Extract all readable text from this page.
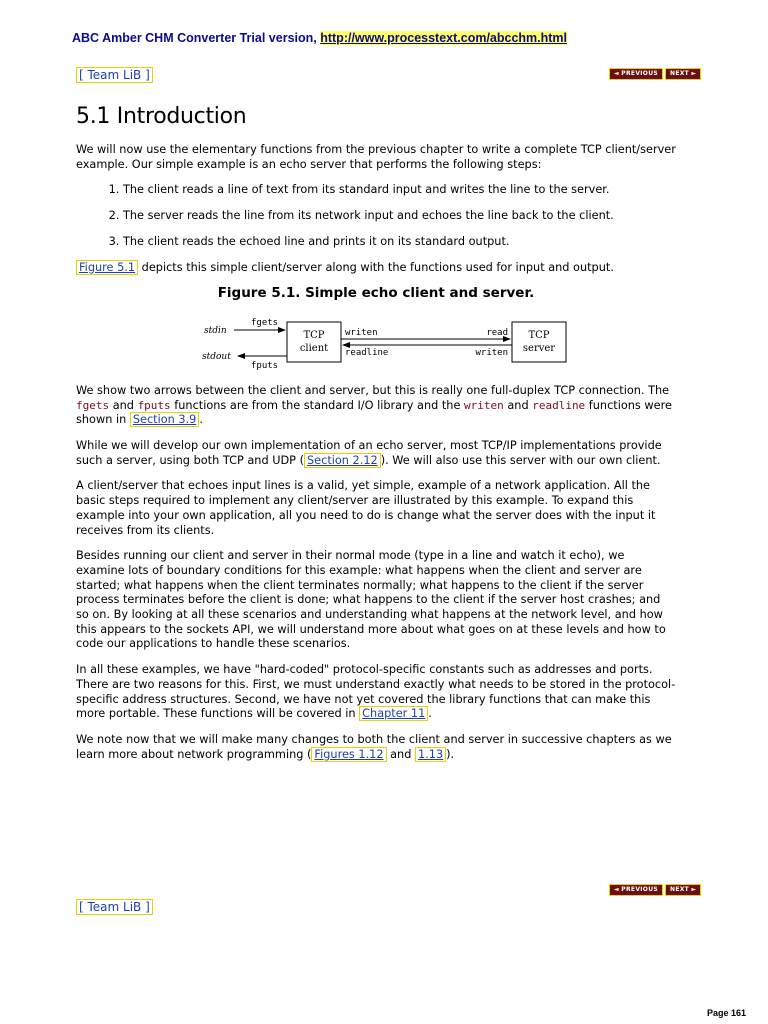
ABC Amber CHM Converter Trial version, http://www.processtext.com/abcchm.html
[ Team LiB ]	◄ PREVIOUS	NEXT ►
5.1 Introduction

We will now use the elementary functions from the previous chapter to write a complete TCP client/server example. Our simple example is an echo server that performs the following steps:

1. The client reads a line of text from its standard input and writes the line to the server.
2. The server reads the line from its network input and echoes the line back to the client.
3. The client reads the echoed line and prints it on its standard output.

Figure 5.1 depicts this simple client/server along with the functions used for input and output.

Figure 5.1. Simple echo client and server.
TCP
client
TCP
server
stdin
stdout
fgets
fputs
writen
readline
read
writen

We show two arrows between the client and server, but this is really one full-duplex TCP connection. The fgets and fputs functions are from the standard I/O library and the writen and readline functions were shown in Section 3.9 .

While we will develop our own implementation of an echo server, most TCP/IP implementations provide such a server, using both TCP and UDP ( Section 2.12 ). We will also use this server with our own client.

A client/server that echoes input lines is a valid, yet simple, example of a network application. All the basic steps required to implement any client/server are illustrated by this example. To expand this example into your own application, all you need to do is change what the server does with the input it receives from its clients.

Besides running our client and server in their normal mode (type in a line and watch it echo), we examine lots of boundary conditions for this example: what happens when the client and server are started; what happens when the client terminates normally; what happens to the client if the server process terminates before the client is done; what happens to the client if the server host crashes; and so on. By looking at all these scenarios and understanding what happens at the network level, and how this appears to the sockets API, we will understand more about what goes on at these levels and how to code our applications to handle these scenarios.

In all these examples, we have "hard-coded" protocol-specific constants such as addresses and ports. There are two reasons for this. First, we must understand exactly what needs to be stored in the protocol-specific address structures. Second, we have not yet covered the library functions that can make this more portable. These functions will be covered in Chapter 11 .

We note now that we will make many changes to both the client and server in successive chapters as we learn more about network programming ( Figures 1.12 and 1.13 ).

◄ PREVIOUS	NEXT ►
[ Team LiB ]
Page 161
